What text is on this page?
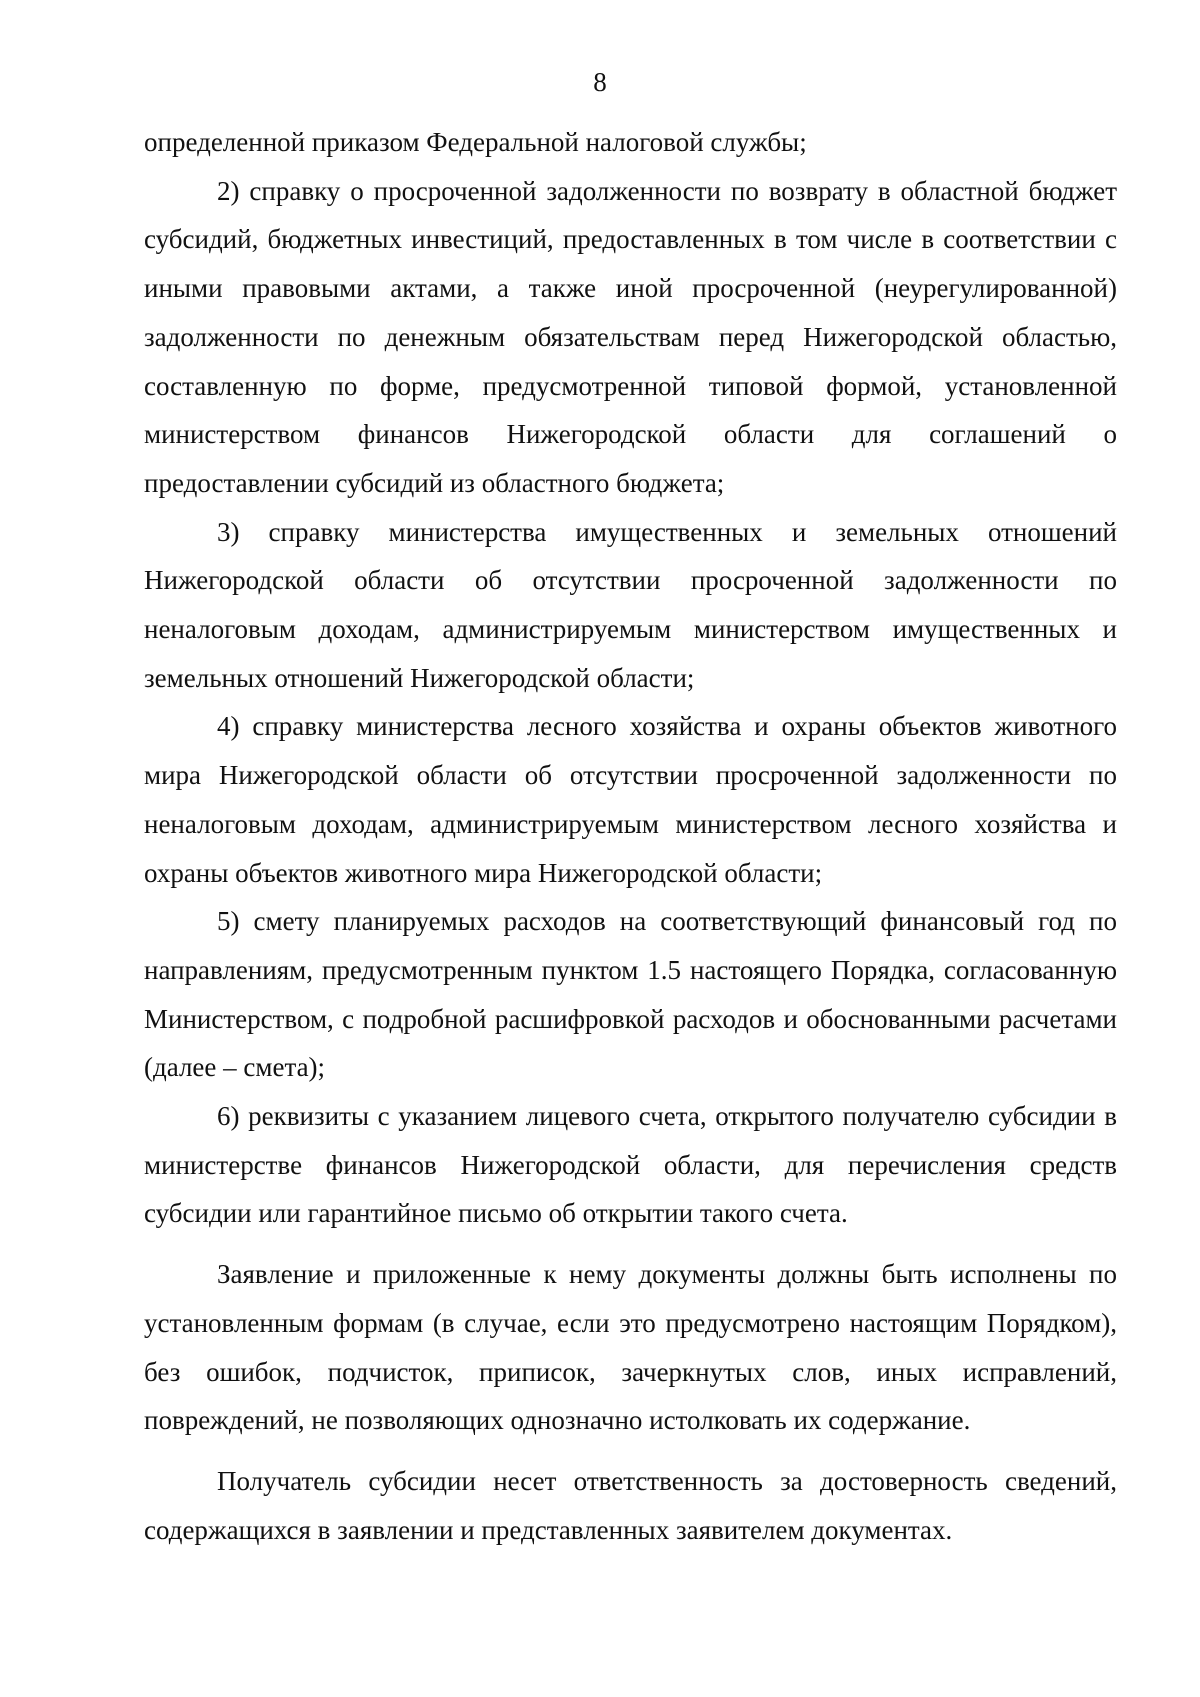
8

определенной приказом Федеральной налоговой службы;

2) справку о просроченной задолженности по возврату в областной бюджет субсидий, бюджетных инвестиций, предоставленных в том числе в соответствии с иными правовыми актами, а также иной просроченной (неурегулированной) задолженности по денежным обязательствам перед Нижегородской областью, составленную по форме, предусмотренной типовой формой, установленной министерством финансов Нижегородской области для соглашений о предоставлении субсидий из областного бюджета;

3) справку министерства имущественных и земельных отношений Нижегородской области об отсутствии просроченной задолженности по неналоговым доходам, администрируемым министерством имущественных и земельных отношений Нижегородской области;

4) справку министерства лесного хозяйства и охраны объектов животного мира Нижегородской области об отсутствии просроченной задолженности по неналоговым доходам, администрируемым министерством лесного хозяйства и охраны объектов животного мира Нижегородской области;

5) смету планируемых расходов на соответствующий финансовый год по направлениям, предусмотренным пунктом 1.5 настоящего Порядка, согласованную Министерством, с подробной расшифровкой расходов и обоснованными расчетами (далее – смета);

6) реквизиты с указанием лицевого счета, открытого получателю субсидии в министерстве финансов Нижегородской области, для перечисления средств субсидии или гарантийное письмо об открытии такого счета.

Заявление и приложенные к нему документы должны быть исполнены по установленным формам (в случае, если это предусмотрено настоящим Порядком), без ошибок, подчисток, приписок, зачеркнутых слов, иных исправлений, повреждений, не позволяющих однозначно истолковать их содержание.

Получатель субсидии несет ответственность за достоверность сведений, содержащихся в заявлении и представленных заявителем документах.
